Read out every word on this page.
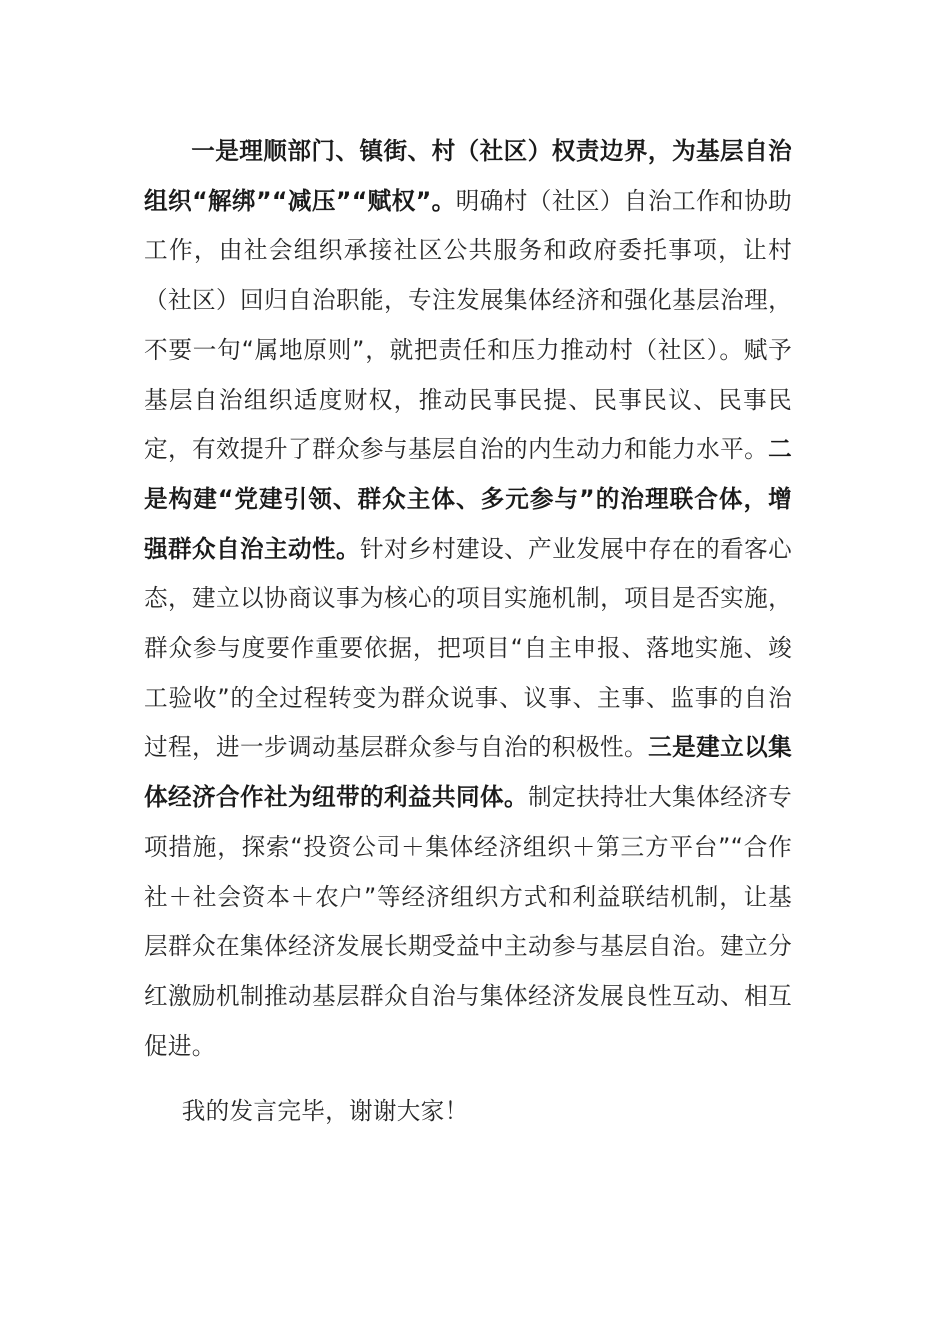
一是理顺部门、镇街、村（社区）权责边界，为基层自治组织“解绑”“减压”“赋权”。明确村（社区）自治工作和协助工作，由社会组织承接社区公共服务和政府委托事项，让村（社区）回归自治职能，专注发展集体经济和强化基层治理，不要一句“属地原则”，就把责任和压力推动村（社区）。赋予基层自治组织适度财权，推动民事民提、民事民议、民事民定，有效提升了群众参与基层自治的内生动力和能力水平。二是构建“党建引领、群众主体、多元参与”的治理联合体，增强群众自治主动性。针对乡村建设、产业发展中存在的看客心态，建立以协商议事为核心的项目实施机制，项目是否实施，群众参与度要作重要依据，把项目“自主申报、落地实施、竣工验收”的全过程转变为群众说事、议事、主事、监事的自治过程，进一步调动基层群众参与自治的积极性。三是建立以集体经济合作社为纽带的利益共同体。制定扶持壮大集体经济专项措施，探索“投资公司＋集体经济组织＋第三方平台”“合作社＋社会资本＋农户”等经济组织方式和利益联结机制，让基层群众在集体经济发展长期受益中主动参与基层自治。建立分红激励机制推动基层群众自治与集体经济发展良性互动、相互促进。

我的发言完毕，谢谢大家！
